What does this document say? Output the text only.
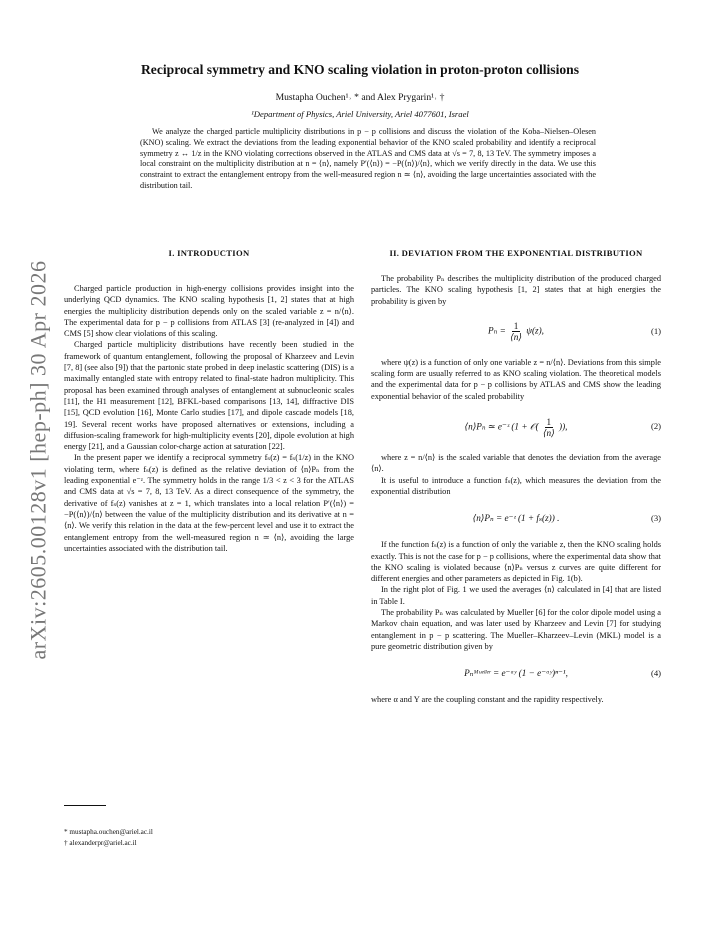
arXiv:2605.00128v1 [hep-ph] 30 Apr 2026
Reciprocal symmetry and KNO scaling violation in proton-proton collisions
Mustapha Ouchen¹˒ * and Alex Prygarin¹˒ †
¹Department of Physics, Ariel University, Ariel 4077601, Israel

We analyze the charged particle multiplicity distributions in p − p collisions and discuss the violation of the Koba–Nielsen–Olesen (KNO) scaling. We extract the deviations from the leading exponential behavior of the KNO scaled probability and identify a reciprocal symmetry z ↔ 1/z in the KNO violating corrections observed in the ATLAS and CMS data at √s = 7, 8, 13 TeV. The symmetry imposes a local constraint on the multiplicity distribution at n = ⟨n⟩, namely P′(⟨n⟩) = −P(⟨n⟩)/⟨n⟩, which we verify directly in the data. We use this constraint to extract the entanglement entropy from the well-measured region n ≃ ⟨n⟩, avoiding the large uncertainties associated with the distribution tail.

I. INTRODUCTION

Charged particle production in high-energy collisions provides insight into the underlying QCD dynamics. The KNO scaling hypothesis [1, 2] states that at high energies the multiplicity distribution depends only on the scaled variable z = n/⟨n⟩. The experimental data for p − p collisions from ATLAS [3] (re-analyzed in [4]) and CMS [5] show clear violations of this scaling.

Charged particle multiplicity distributions have recently been studied in the framework of quantum entanglement, following the proposal of Kharzeev and Levin [7, 8] (see also [9]) that the partonic state probed in deep inelastic scattering (DIS) is a maximally entangled state with entropy related to final-state hadron multiplicity. This proposal has been examined through analyses of entanglement at subnucleonic scales [11], the H1 measurement [12], BFKL-based comparisons [13, 14], diffractive DIS [15], QCD evolution [16], Monte Carlo studies [17], and dipole cascade models [18, 19]. Several recent works have proposed alternatives or extensions, including a diffusion-scaling framework for high-multiplicity events [20], dipole evolution at high energy [21], and a Gaussian color-charge action at saturation [22].

In the present paper we identify a reciprocal symmetry fₛ(z) = fₛ(1/z) in the KNO violating term, where fₛ(z) is defined as the relative deviation of ⟨n⟩Pₙ from the leading exponential e⁻ᶻ. The symmetry holds in the range 1/3 < z < 3 for the ATLAS and CMS data at √s = 7, 8, 13 TeV. As a direct consequence of the symmetry, the derivative of fₛ(z) vanishes at z = 1, which translates into a local relation P′(⟨n⟩) = −P(⟨n⟩)/⟨n⟩ between the value of the multiplicity distribution and its derivative at n = ⟨n⟩. We verify this relation in the data at the few-percent level and use it to extract the entanglement entropy from the well-measured region n ≃ ⟨n⟩, avoiding the large uncertainties associated with the distribution tail.

* mustapha.ouchen@ariel.ac.il
† alexanderpr@ariel.ac.il
II. DEVIATION FROM THE EXPONENTIAL DISTRIBUTION

The probability Pₙ describes the multiplicity distribution of the produced charged particles. The KNO scaling hypothesis [1, 2] states that at high energies the probability is given by

$P_n = \frac{1}{⟨n⟩} \psi(z)$,	(1)

where ψ(z) is a function of only one variable z = n/⟨n⟩. Deviations from this simple scaling form are usually referred to as KNO scaling violation. The theoretical models and the experimental data for p − p collisions by ATLAS and CMS show the leading exponential behavior of the scaled probability

⟨n⟩Pₙ ≃ e⁻ᶻ (1 + 𝒪( $\frac{1}{⟨n⟩}$ )),	(2)

where z = n/⟨n⟩ is the scaled variable that denotes the deviation from the average ⟨n⟩.

It is useful to introduce a function fₛ(z), which measures the deviation from the exponential distribution

⟨n⟩Pₙ = e⁻ᶻ (1 + fₛ(z)) .	(3)

If the function fₛ(z) is a function of only the variable z, then the KNO scaling holds exactly. This is not the case for p − p collisions, where the experimental data show that the KNO scaling is violated because ⟨n⟩Pₙ versus z curves are quite different for different energies and other parameters as depicted in Fig. 1(b).

In the right plot of Fig. 1 we used the averages ⟨n⟩ calculated in [4] that are listed in Table I.

The probability Pₙ was calculated by Mueller [6] for the color dipole model using a Markov chain equation, and was later used by Kharzeev and Levin [7] for studying entanglement in p − p scattering. The Mueller–Kharzeev–Levin (MKL) model is a pure geometric distribution given by

Pₙᴹᵘᵉˡˡᵉʳ = e⁻ᵅʸ (1 − e⁻ᵅʸ)ⁿ⁻¹,	(4)

where α and Y are the coupling constant and the rapidity respectively.
